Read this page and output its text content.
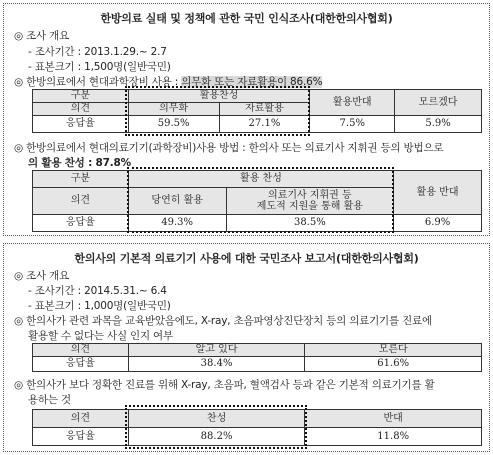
한방의료 실태 및 정책에 관한 국민 인식조사(대한한의사협회)
◎ 조사 개요
- 조사기간 : 2013.1.29.~ 2.7
- 표본크기 : 1,500명(일반국민)
◎ 한방의료에서 현대과학장비 사용 : 의무화 또는 자료활용이 86.6%
구분	활용찬성		활용반대	모르겠다
의견	의무화	자료활용		
응답율	59.5%	27.1%	7.5%	5.9%
◎ 한방의료에서 현대의료기기(과학장비)사용 방법 : 한의사 또는 의료기사 지휘권 등의 방법으로
의 활용 찬성 : 87.8%
구분	활용 찬성		활용 반대
의견	당연히 활용	의료기사 지휘권 등
제도적 지원을 통해 활용	

응답율	49.3%	38.5%	6.9%
한의사의 기본적 의료기기 사용에 대한 국민조사 보고서(대한한의사협회)
◎ 조사 개요
- 조사기간 : 2014.5.31.~ 6.4
- 표본크기 : 1,000명(일반국민)
◎ 한의사가 관련 과목을 교육받았음에도, X-ray, 초음파영상진단장치 등의 의료기기를 진료에
활용할 수 없다는 사실 인지 여부
의견	알고 있다	모른다
응답율	38.4%	61.6%
◎ 한의사가 보다 정확한 진료를 위해 X-ray, 초음파, 혈액검사 등과 같은 기본적 의료기기를 활
용하는 것
의견	찬성	반대
응답율	88.2%	11.8%
